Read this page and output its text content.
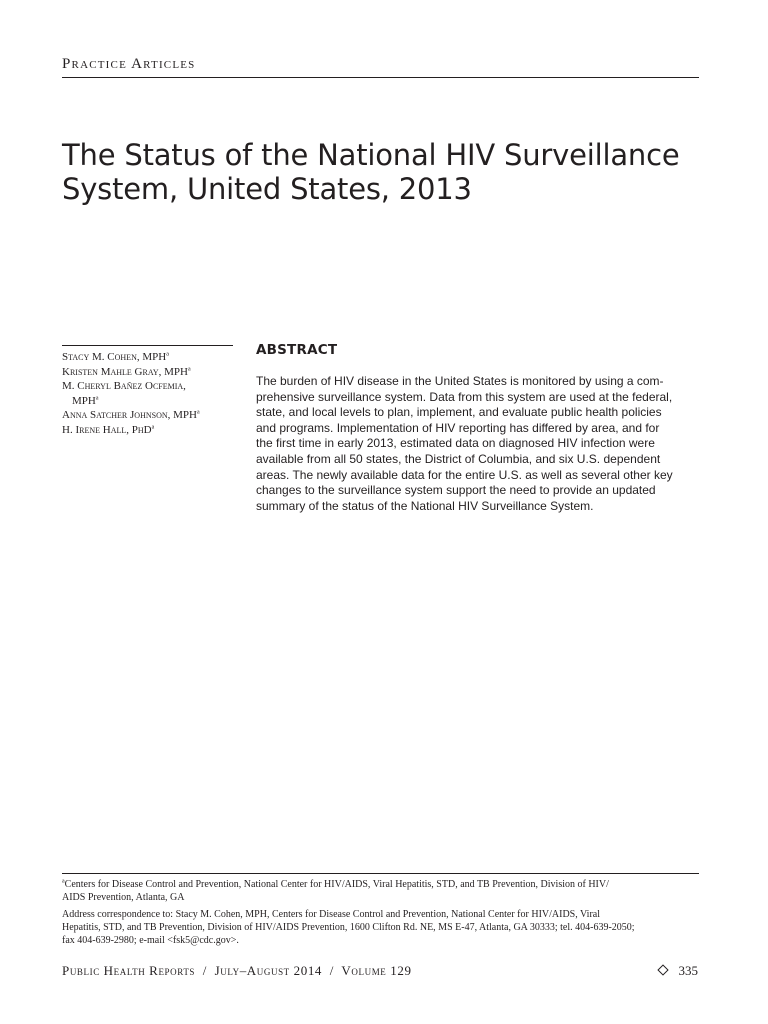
Practice Articles
The Status of the National HIV Surveillance
System, United States, 2013
Stacy M. Cohen, MPH$^a$
Kristen Mahle Gray, MPH$^a$
M. Cheryl Bañez Ocfemia,
MPH$^a$
Anna Satcher Johnson, MPH$^a$
H. Irene Hall, PhD$^a$
ABSTRACT
The burden of HIV disease in the United States is monitored by using a com-
prehensive surveillance system. Data from this system are used at the federal,
state, and local levels to plan, implement, and evaluate public health policies
and programs. Implementation of HIV reporting has differed by area, and for
the first time in early 2013, estimated data on diagnosed HIV infection were
available from all 50 states, the District of Columbia, and six U.S. dependent
areas. The newly available data for the entire U.S. as well as several other key
changes to the surveillance system support the need to provide an updated
summary of the status of the National HIV Surveillance System.
$^a$Centers for Disease Control and Prevention, National Center for HIV/AIDS, Viral Hepatitis, STD, and TB Prevention, Division of HIV/
AIDS Prevention, Atlanta, GA
Address correspondence to: Stacy M. Cohen, MPH, Centers for Disease Control and Prevention, National Center for HIV/AIDS, Viral
Hepatitis, STD, and TB Prevention, Division of HIV/AIDS Prevention, 1600 Clifton Rd. NE, MS E-47, Atlanta, GA 30333; tel. 404-639-2050;
fax 404-639-2980; e-mail <fsk5@cdc.gov>.
Public Health Reports  /  July–August 2014  /  Volume 129	335
